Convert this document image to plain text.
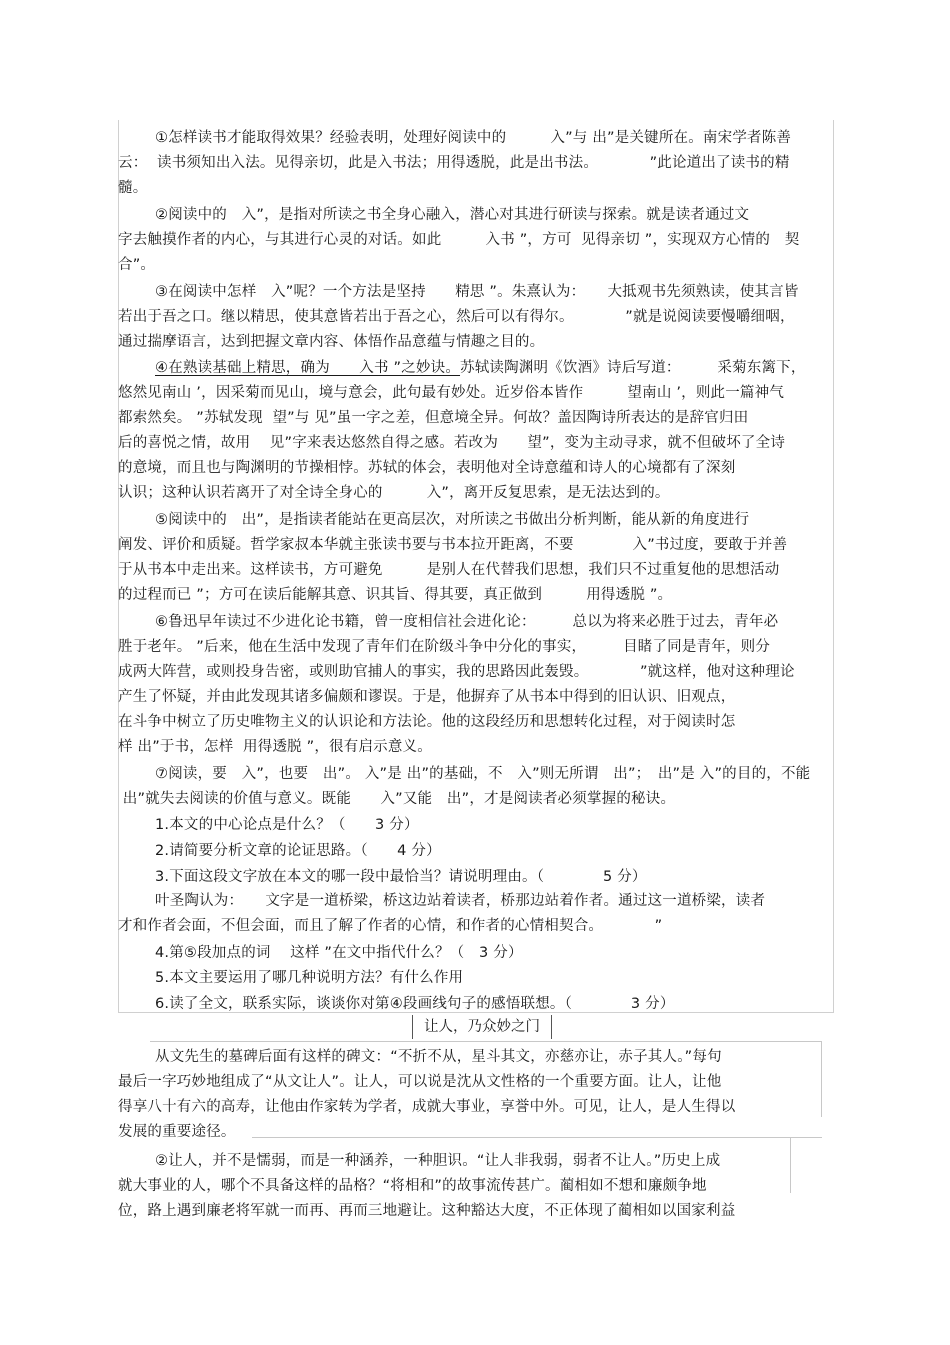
①怎样读书才能取得效果？经验表明，处理好阅读中的　　　入”与 出”是关键所在。南宋学者陈善

云：  读书须知出入法。见得亲切，此是入书法；用得透脱，此是出书法。　　　　”此论道出了读书的精

髓。

②阅读中的　入”，是指对所读之书全身心融入，潜心对其进行研读与探索。就是读者通过文

字去触摸作者的内心，与其进行心灵的对话。如此　　　入书 ”，方可  见得亲切 ”，实现双方心情的　契

合”。

③在阅读中怎样　入”呢？一个方法是坚持　　精思 ”。朱熹认为：　　大抵观书先须熟读，使其言皆

若出于吾之口。继以精思，使其意皆若出于吾之心，然后可以有得尔。　　　　”就是说阅读要慢嚼细咽，

通过揣摩语言，达到把握文章内容、体悟作品意蕴与情趣之目的。

④在熟读基础上精思，确为　　入书 ”之妙诀。苏轼读陶渊明《饮酒》诗后写道：　　　采菊东篱下，

悠然见南山 ’，因采菊而见山，境与意会，此句最有妙处。近岁俗本皆作　　　望南山 ’，则此一篇神气

都索然矣。 ”苏轼发现  望”与 见”虽一字之差，但意境全异。何故？盖因陶诗所表达的是辞官归田

后的喜悦之情，故用　 见”字来表达悠然自得之感。若改为　　望”，变为主动寻求，就不但破坏了全诗

的意境，而且也与陶渊明的节操相悖。苏轼的体会，表明他对全诗意蕴和诗人的心境都有了深刻

认识；这种认识若离开了对全诗全身心的　　　入”，离开反复思索，是无法达到的。

⑤阅读中的　出”，是指读者能站在更高层次，对所读之书做出分析判断，能从新的角度进行

阐发、评价和质疑。哲学家叔本华就主张读书要与书本拉开距离，不要　　　　入”书过度，要敢于并善

于从书本中走出来。这样读书，方可避免　　　是别人在代替我们思想，我们只不过重复他的思想活动

的过程而已 ”；方可在读后能解其意、识其旨、得其要，真正做到　　　用得透脱 ”。

⑥鲁迅早年读过不少进化论书籍，曾一度相信社会进化论：　　　总以为将来必胜于过去，青年必

胜于老年。 ”后来，他在生活中发现了青年们在阶级斗争中分化的事实，　　　目睹了同是青年，则分

成两大阵营，或则投身告密，或则助官捕人的事实，我的思路因此轰毁。　　　　”就这样，他对这种理论

产生了怀疑，并由此发现其诸多偏颇和谬误。于是，他摒弃了从书本中得到的旧认识、旧观点，

在斗争中树立了历史唯物主义的认识论和方法论。他的这段经历和思想转化过程，对于阅读时怎

样 出”于书，怎样  用得透脱 ”，很有启示意义。

⑦阅读，要　入”，也要　出”。 入”是 出”的基础，不　入”则无所谓　出”；　出”是 入”的目的，不能

出”就失去阅读的价值与意义。既能　　入”又能　出”，才是阅读者必须掌握的秘诀。

1.本文的中心论点是什么？（　　3 分）

2.请简要分析文章的论证思路。（　　4 分）

3.下面这段文字放在本文的哪一段中最恰当？请说明理由。（　　　　5 分）

叶圣陶认为：　　文字是一道桥梁，桥这边站着读者，桥那边站着作者。通过这一道桥梁，读者

才和作者会面，不但会面，而且了解了作者的心情，和作者的心情相契合。　　　　”

4.第⑤段加点的词　 这样 ”在文中指代什么？（　3 分）

5.本文主要运用了哪几种说明方法？有什么作用

6.读了全文，联系实际，谈谈你对第④段画线句子的感悟联想。（　　　　3 分）

让人，乃众妙之门

从文先生的墓碑后面有这样的碑文：“不折不从，星斗其文，亦慈亦让，赤子其人。”每句

最后一字巧妙地组成了“从文让人”。让人，可以说是沈从文性格的一个重要方面。让人，让他

得享八十有六的高寿，让他由作家转为学者，成就大事业，享誉中外。可见，让人，是人生得以

发展的重要途径。

②让人，并不是懦弱，而是一种涵养，一种胆识。“让人非我弱，弱者不让人。”历史上成

就大事业的人，哪个不具备这样的品格？“将相和”的故事流传甚广。蔺相如不想和廉颇争地

位，路上遇到廉老将军就一而再、再而三地避让。这种豁达大度，不正体现了蔺相如以国家利益
